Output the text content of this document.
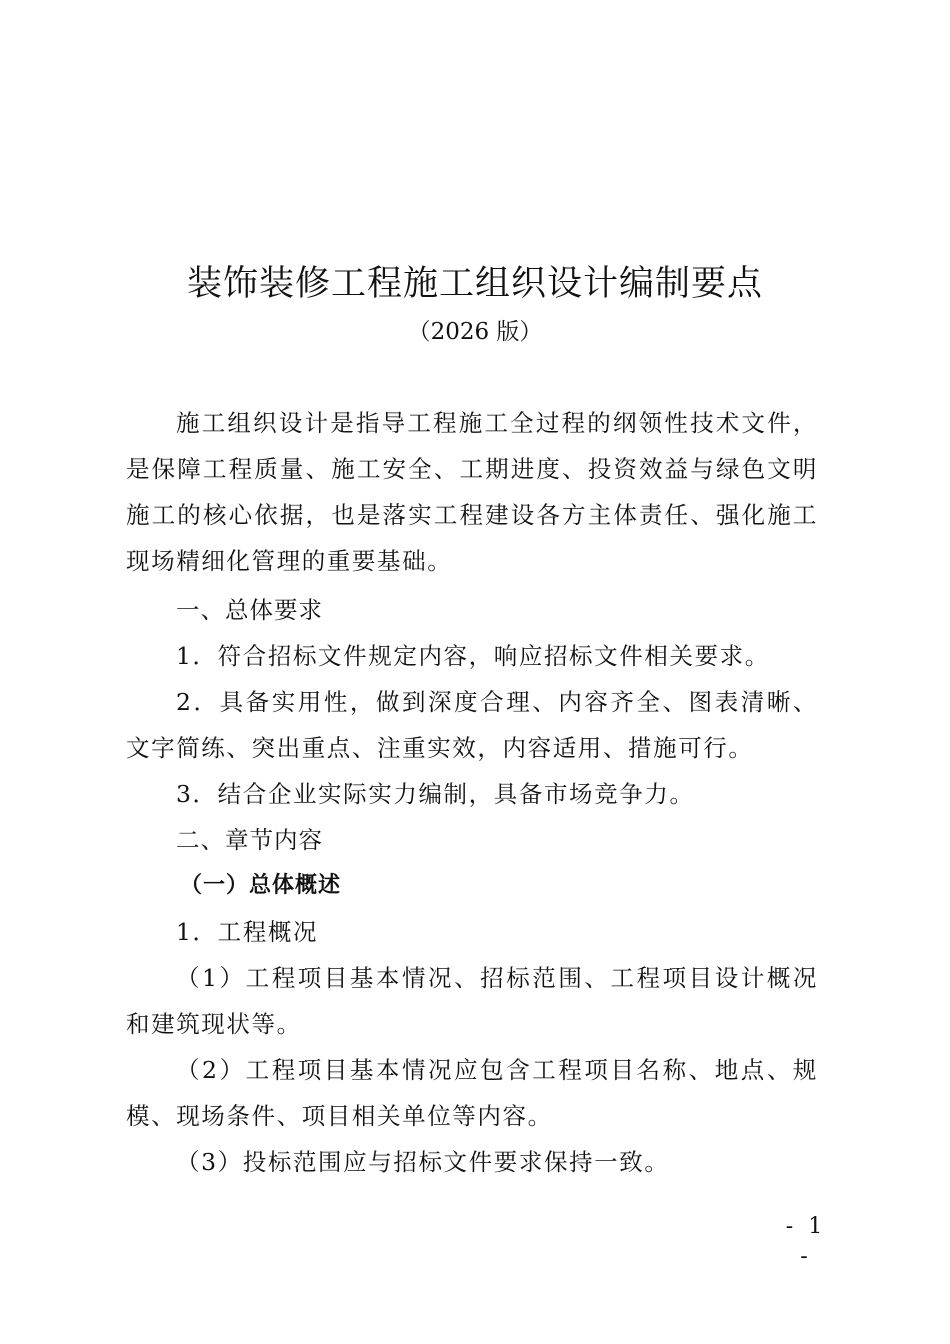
装饰装修工程施工组织设计编制要点
（2026 版）

施工组织设计是指导工程施工全过程的纲领性技术文件，是保障工程质量、施工安全、工期进度、投资效益与绿色文明施工的核心依据，也是落实工程建设各方主体责任、强化施工现场精细化管理的重要基础。

一、总体要求
1．符合招标文件规定内容，响应招标文件相关要求。

2．具备实用性，做到深度合理、内容齐全、图表清晰、文字简练、突出重点、注重实效，内容适用、措施可行。

3．结合企业实际实力编制，具备市场竞争力。
二、章节内容
（一）总体概述
1．工程概况

（1）工程项目基本情况、招标范围、工程项目设计概况和建筑现状等。

（2）工程项目基本情况应包含工程项目名称、地点、规模、现场条件、项目相关单位等内容。

（3）投标范围应与招标文件要求保持一致。
- 1 -
